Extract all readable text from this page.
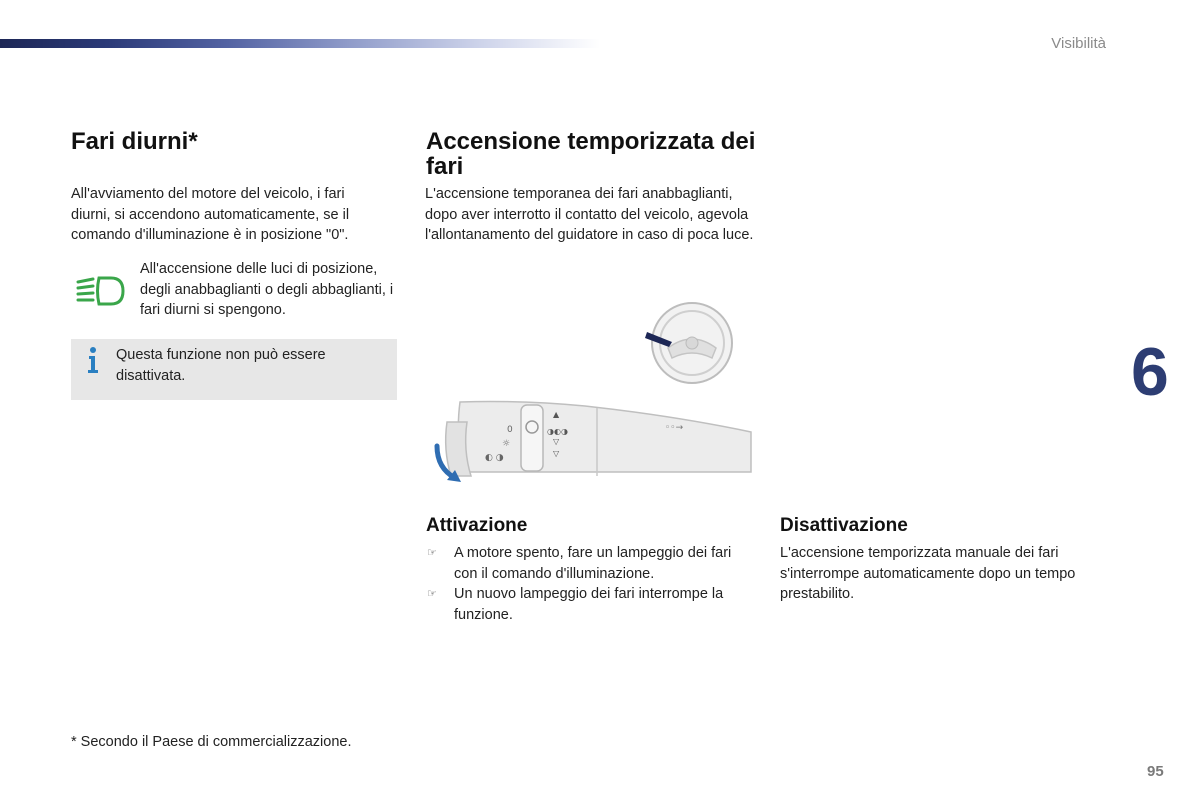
Visibilità
6
95
Fari diurni*

All'avviamento del motore del veicolo, i fari diurni, si accendono automaticamente, se il comando d'illuminazione è in posizione "0".

All'accensione delle luci di posizione, degli anabbaglianti o degli abbaglianti, i fari diurni si spengono.

Questa funzione non può essere disattivata.

Accensione temporizzata dei fari

L'accensione temporanea dei fari anabbaglianti, dopo aver interrotto il contatto del veicolo, agevola l'allontanamento del guidatore in caso di poca luce.

0
☼
◐ ◑
▲
◑◐◑
▽
▽
◦◦→
Attivazione
☞ A motore spento, fare un lampeggio dei fari con il comando d'illuminazione.
☞ Un nuovo lampeggio dei fari interrompe la funzione.
Disattivazione

L'accensione temporizzata manuale dei fari s'interrompe automaticamente dopo un tempo prestabilito.

* Secondo il Paese di commercializzazione.
